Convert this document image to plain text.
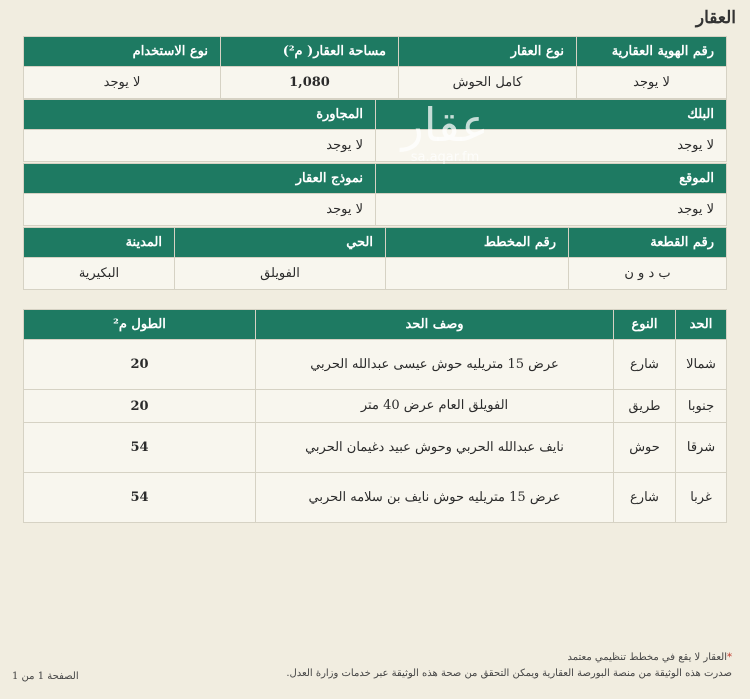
العقار
رقم الهوية العقارية	نوع العقار	مساحة العقار( م²)	نوع الاستخدام
لا يوجد	كامل الحوش	1,080	لا يوجد
البلك	المجاورة
لا يوجد	لا يوجد
الموقع	نموذج العقار
لا يوجد	لا يوجد
رقم القطعة	رقم المخطط	الحي	المدينة
ب د و ن		الفويلق	البكيرية
الحد	النوع	وصف الحد	الطول م²
شمالا	شارع	عرض 15 متريليه حوش عيسى عبدالله الحربي	20
جنوبا	طريق	الفويلق العام عرض 40 متر	20
شرقا	حوش	نايف عبدالله الحربي وحوش عبيد دغيمان الحربي	54
غربا	شارع	عرض 15 متريليه حوش نايف بن سلامه الحربي	54
عقار
sa.aqar.fm
*العقار لا يقع في مخطط تنظيمي معتمد
صدرت هذه الوثيقة من منصة البورصة العقارية ويمكن التحقق من صحة هذه الوثيقة عبر خدمات وزارة العدل.
الصفحة 1 من 1
